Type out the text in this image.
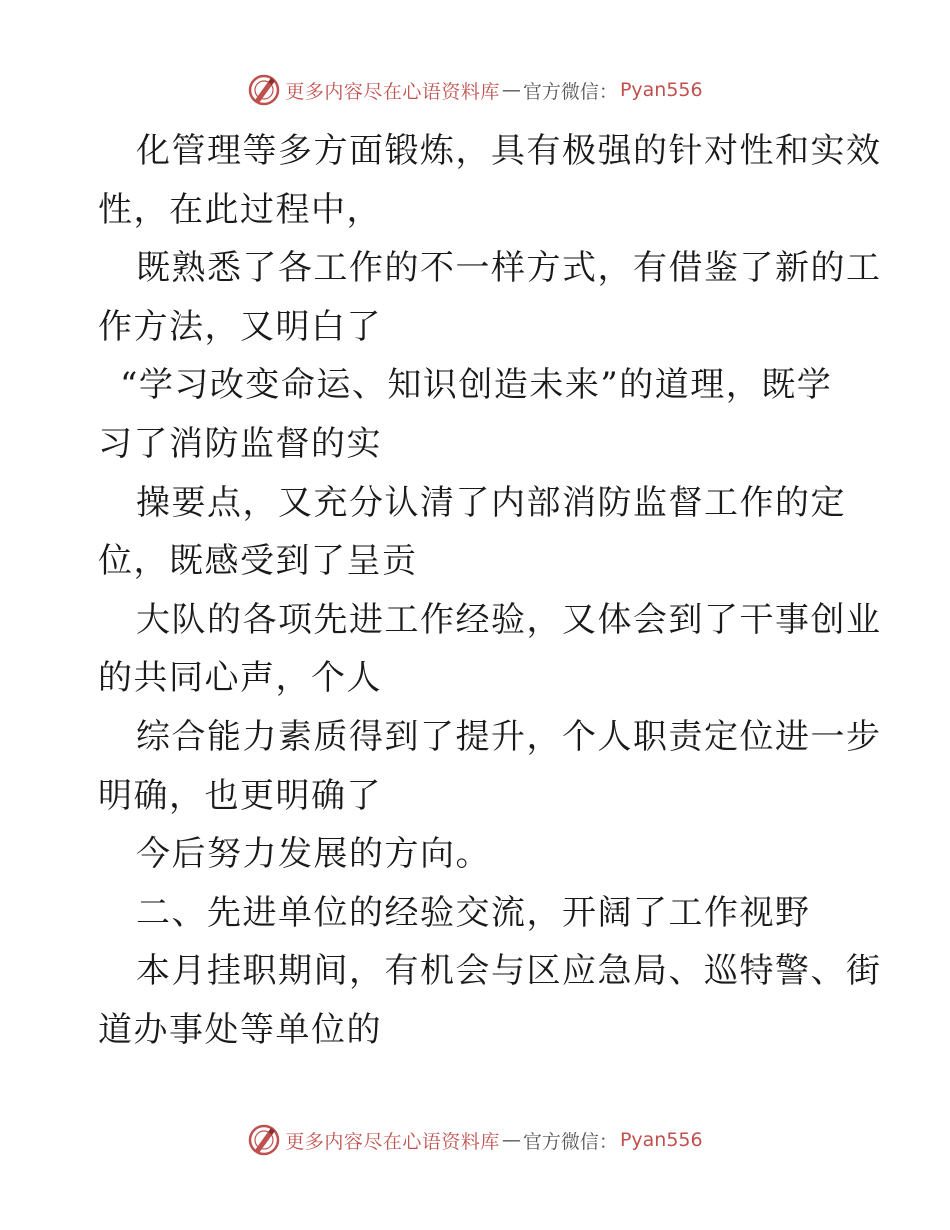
更多内容尽在心语资料库 — 官方微信： Pyan556
化管理等多方面锻炼，具有极强的针对性和实效
性，在此过程中，
既熟悉了各工作的不一样方式，有借鉴了新的工
作方法，又明白了
“学习改变命运、知识创造未来”的道理，既学
习了消防监督的实
操要点，又充分认清了内部消防监督工作的定
位，既感受到了呈贡
大队的各项先进工作经验，又体会到了干事创业
的共同心声，个人
综合能力素质得到了提升，个人职责定位进一步
明确，也更明确了
今后努力发展的方向。
二、先进单位的经验交流，开阔了工作视野
本月挂职期间，有机会与区应急局、巡特警、街
道办事处等单位的
更多内容尽在心语资料库 — 官方微信： Pyan556
